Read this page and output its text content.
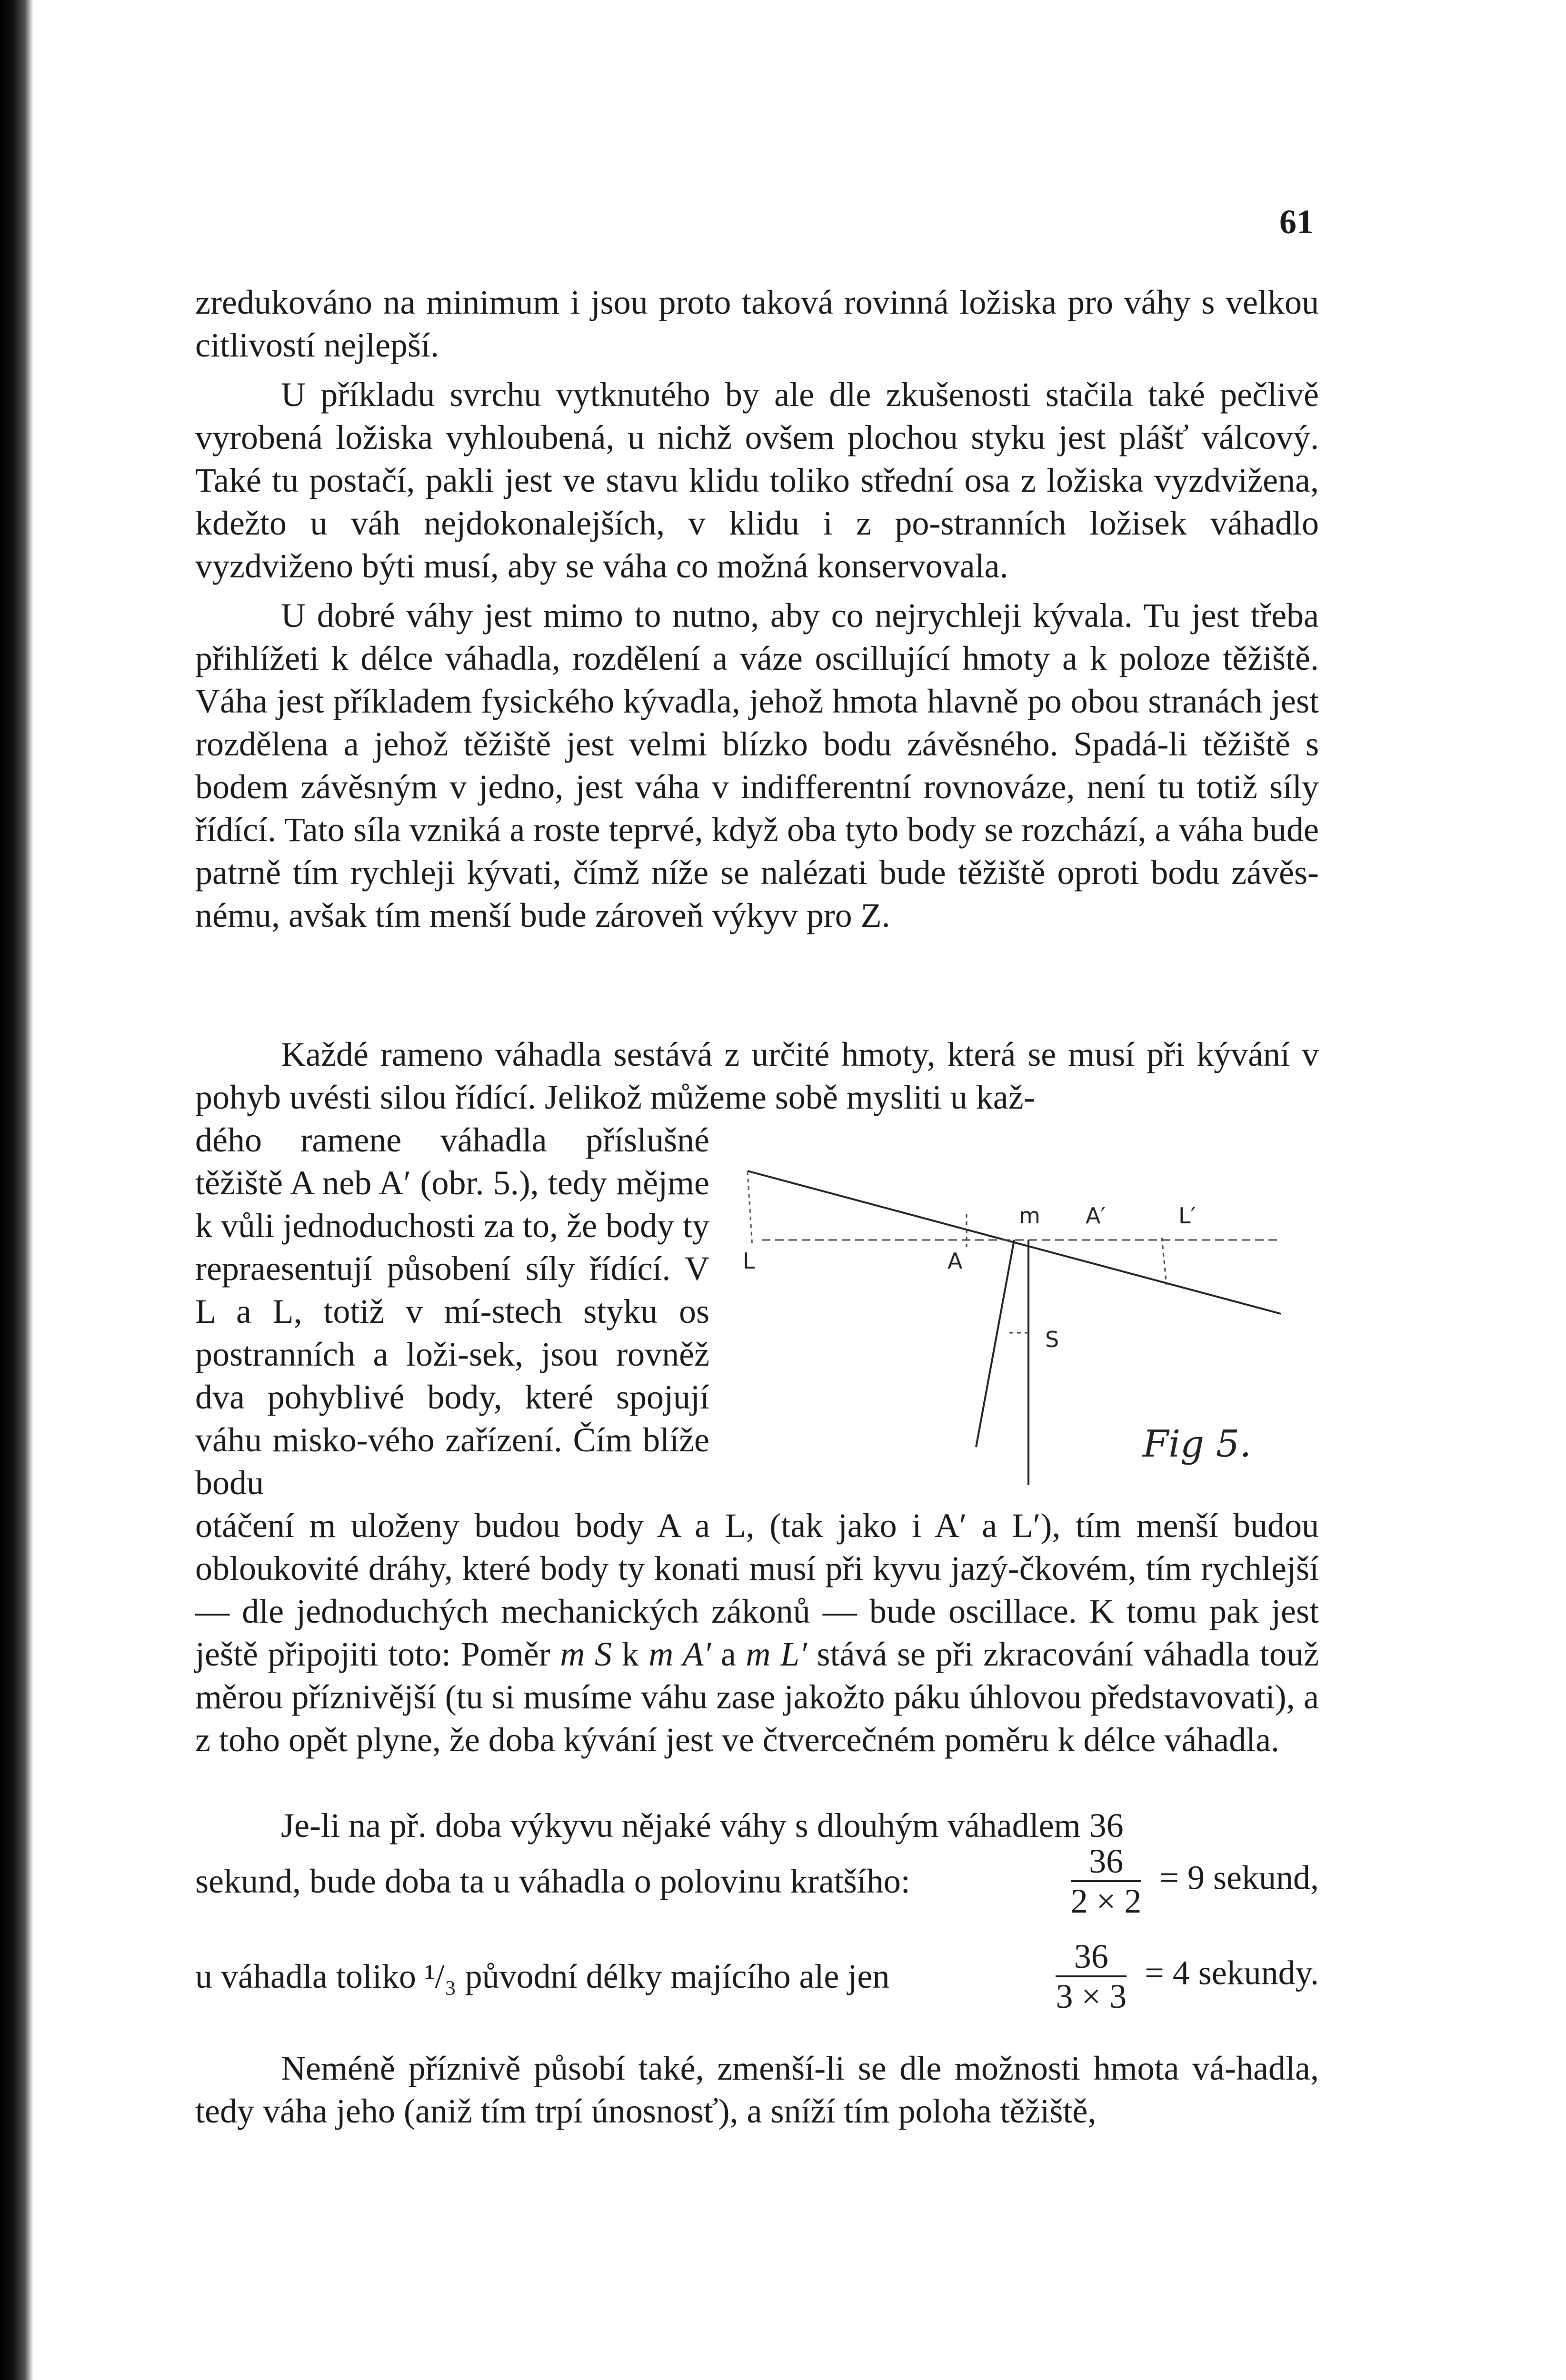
61

zredukováno na minimum i jsou proto taková rovinná ložiska pro váhy s velkou citlivostí nejlepší.

U příkladu svrchu vytknutého by ale dle zkušenosti stačila také pečlivě vyrobená ložiska vyhloubená, u nichž ovšem plochou styku jest plášť válcový. Také tu postačí, pakli jest ve stavu klidu toliko střední osa z ložiska vyzdvižena, kdežto u váh nejdokonalejších, v klidu i z po-stranních ložisek váhadlo vyzdviženo býti musí, aby se váha co možná konservovala.

U dobré váhy jest mimo to nutno, aby co nejrychleji kývala. Tu jest třeba přihlížeti k délce váhadla, rozdělení a váze oscillující hmoty a k poloze těžiště. Váha jest příkladem fysického kývadla, jehož hmota hlavně po obou stranách jest rozdělena a jehož těžiště jest velmi blízko bodu závěsného. Spadá-li těžiště s bodem závěsným v jedno, jest váha v indifferentní rovnováze, není tu totiž síly řídící. Tato síla vzniká a roste teprvé, když oba tyto body se rozchází, a váha bude patrně tím rychleji kývati, čímž níže se nalézati bude těžiště oproti bodu závěs-nému, avšak tím menší bude zároveň výkyv pro Z.

Každé rameno váhadla sestává z určité hmoty, která se musí při kývání v pohyb uvésti silou řídící. Jelikož můžeme sobě mysliti u kaž-

dého ramene váhadla příslušné těžiště A neb A′ (obr. 5.), tedy mějme k vůli jednoduchosti za to, že body ty repraesentují působení síly řídící. V L a L, totiž v mí-stech styku os postranních a loži-sek, jsou rovněž dva pohyblivé body, které spojují váhu misko-vého zařízení. Čím blíže bodu

m A′	L′
A
L
S
Fig 5.

otáčení m uloženy budou body A a L, (tak jako i A′ a L′), tím menší budou obloukovité dráhy, které body ty konati musí při kyvu jazý-čkovém, tím rychlejší — dle jednoduchých mechanických zákonů — bude oscillace. K tomu pak jest ještě připojiti toto: Poměr m S k m A′ a m L′ stává se při zkracování váhadla touž měrou příznivější (tu si musíme váhu zase jakožto páku úhlovou představovati), a z toho opět plyne, že doba kývání jest ve čtvercečném poměru k délce váhadla.

Je-li na př. doba výkyvu nějaké váhy s dlouhým váhadlem 36

sekund, bude doba ta u váhadla o polovinu kratšího:	$\frac{36}{2 \times 2} = 9$ sekund,
u váhadla toliko ¹/₃ původní délky majícího ale jen	$\frac{36}{3 \times 3} = 4$ sekundy.

Neméně příznivě působí také, zmenší-li se dle možnosti hmota vá-hadla, tedy váha jeho (aniž tím trpí únosnosť), a sníží tím poloha těžiště,
